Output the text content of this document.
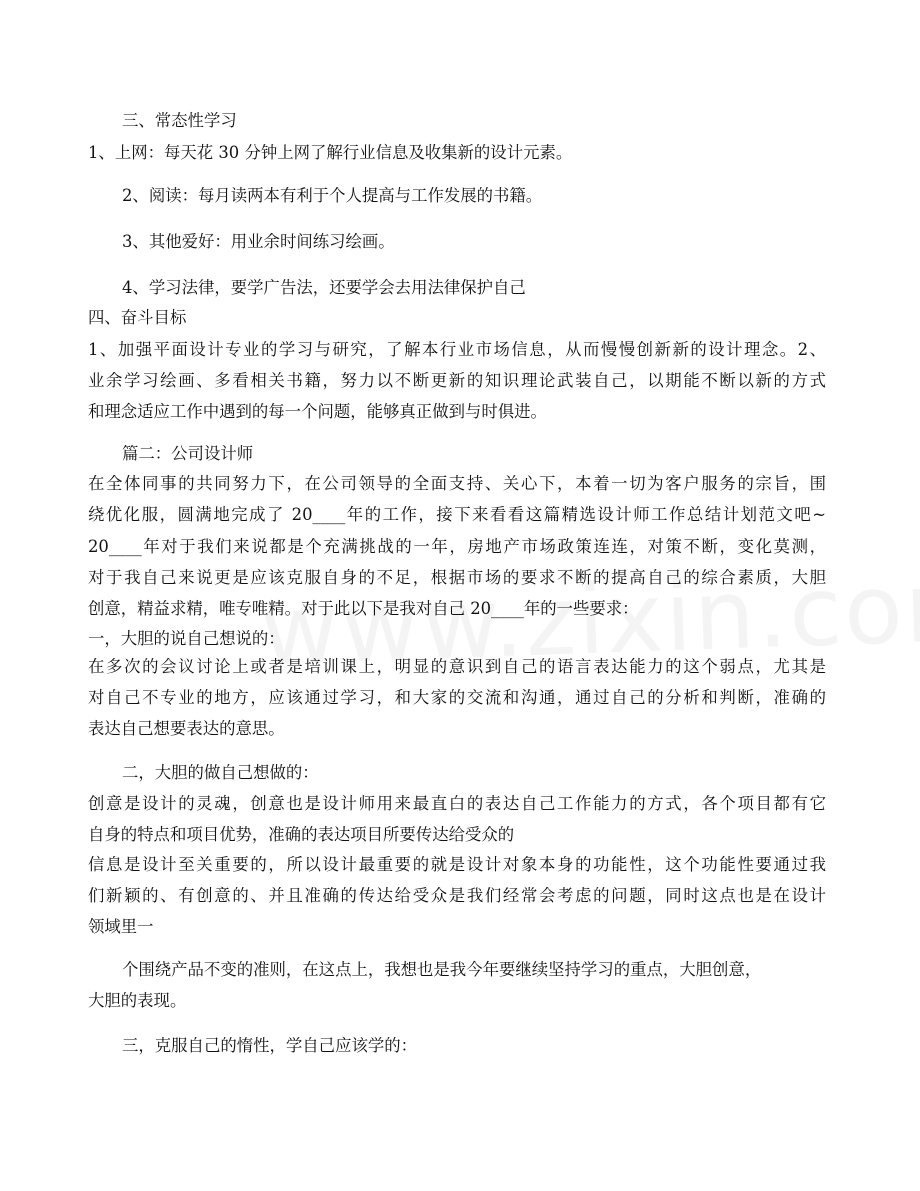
三、常态性学习
1、上网：每天花 30 分钟上网了解行业信息及收集新的设计元素。
2、阅读：每月读两本有利于个人提高与工作发展的书籍。
3、其他爱好：用业余时间练习绘画。
4、学习法律，要学广告法，还要学会去用法律保护自己
四、奋斗目标
1、加强平面设计专业的学习与研究，了解本行业市场信息，从而慢慢创新新的设计理念。2、
业余学习绘画、多看相关书籍，努力以不断更新的知识理论武装自己，以期能不断以新的方式
和理念适应工作中遇到的每一个问题，能够真正做到与时俱进。
篇二：公司设计师
在全体同事的共同努力下，在公司领导的全面支持、关心下，本着一切为客户服务的宗旨，围
绕优化服，圆满地完成了 20____年的工作，接下来看看这篇精选设计师工作总结计划范文吧~
20____年对于我们来说都是个充满挑战的一年，房地产市场政策连连，对策不断，变化莫测，
对于我自己来说更是应该克服自身的不足，根据市场的要求不断的提高自己的综合素质，大胆
创意，精益求精，唯专唯精。对于此以下是我对自己 20____年的一些要求：
一，大胆的说自己想说的：
在多次的会议讨论上或者是培训课上，明显的意识到自己的语言表达能力的这个弱点，尤其是
对自己不专业的地方，应该通过学习，和大家的交流和沟通，通过自己的分析和判断，准确的
表达自己想要表达的意思。
二，大胆的做自己想做的：
创意是设计的灵魂，创意也是设计师用来最直白的表达自己工作能力的方式，各个项目都有它
自身的特点和项目优势，准确的表达项目所要传达给受众的
信息是设计至关重要的，所以设计最重要的就是设计对象本身的功能性，这个功能性要通过我
们新颖的、有创意的、并且准确的传达给受众是我们经常会考虑的问题，同时这点也是在设计
领域里一
个围绕产品不变的准则，在这点上，我想也是我今年要继续坚持学习的重点，大胆创意，
大胆的表现。
三，克服自己的惰性，学自己应该学的：
